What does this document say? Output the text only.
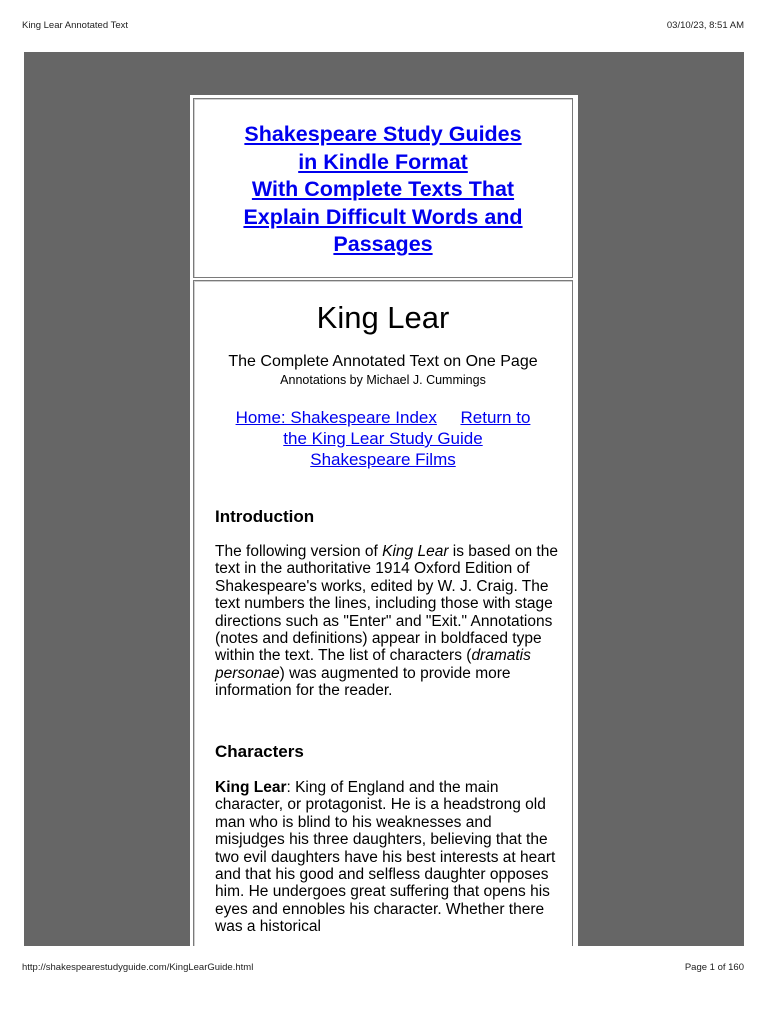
King Lear Annotated Text	03/10/23, 8:51 AM
Shakespeare Study Guides
in Kindle Format
With Complete Texts That
Explain Difficult Words and
Passages
King Lear
The Complete Annotated Text on One Page
Annotations by Michael J. Cummings
Home: Shakespeare Index Return to
the King Lear Study Guide
Shakespeare Films
Introduction
The following version of King Lear is based on the text in the authoritative 1914 Oxford Edition of Shakespeare's works, edited by W. J. Craig. The text numbers the lines, including those with stage directions such as "Enter" and "Exit." Annotations (notes and definitions) appear in boldfaced type within the text. The list of characters (dramatis personae) was augmented to provide more information for the reader.
Characters
King Lear: King of England and the main character, or protagonist. He is a headstrong old man who is blind to his weaknesses and misjudges his three daughters, believing that the two evil daughters have his best interests at heart and that his good and selfless daughter opposes him. He undergoes great suffering that opens his eyes and ennobles his character. Whether there was a historical
http://shakespearestudyguide.com/KingLearGuide.html	Page 1 of 160
